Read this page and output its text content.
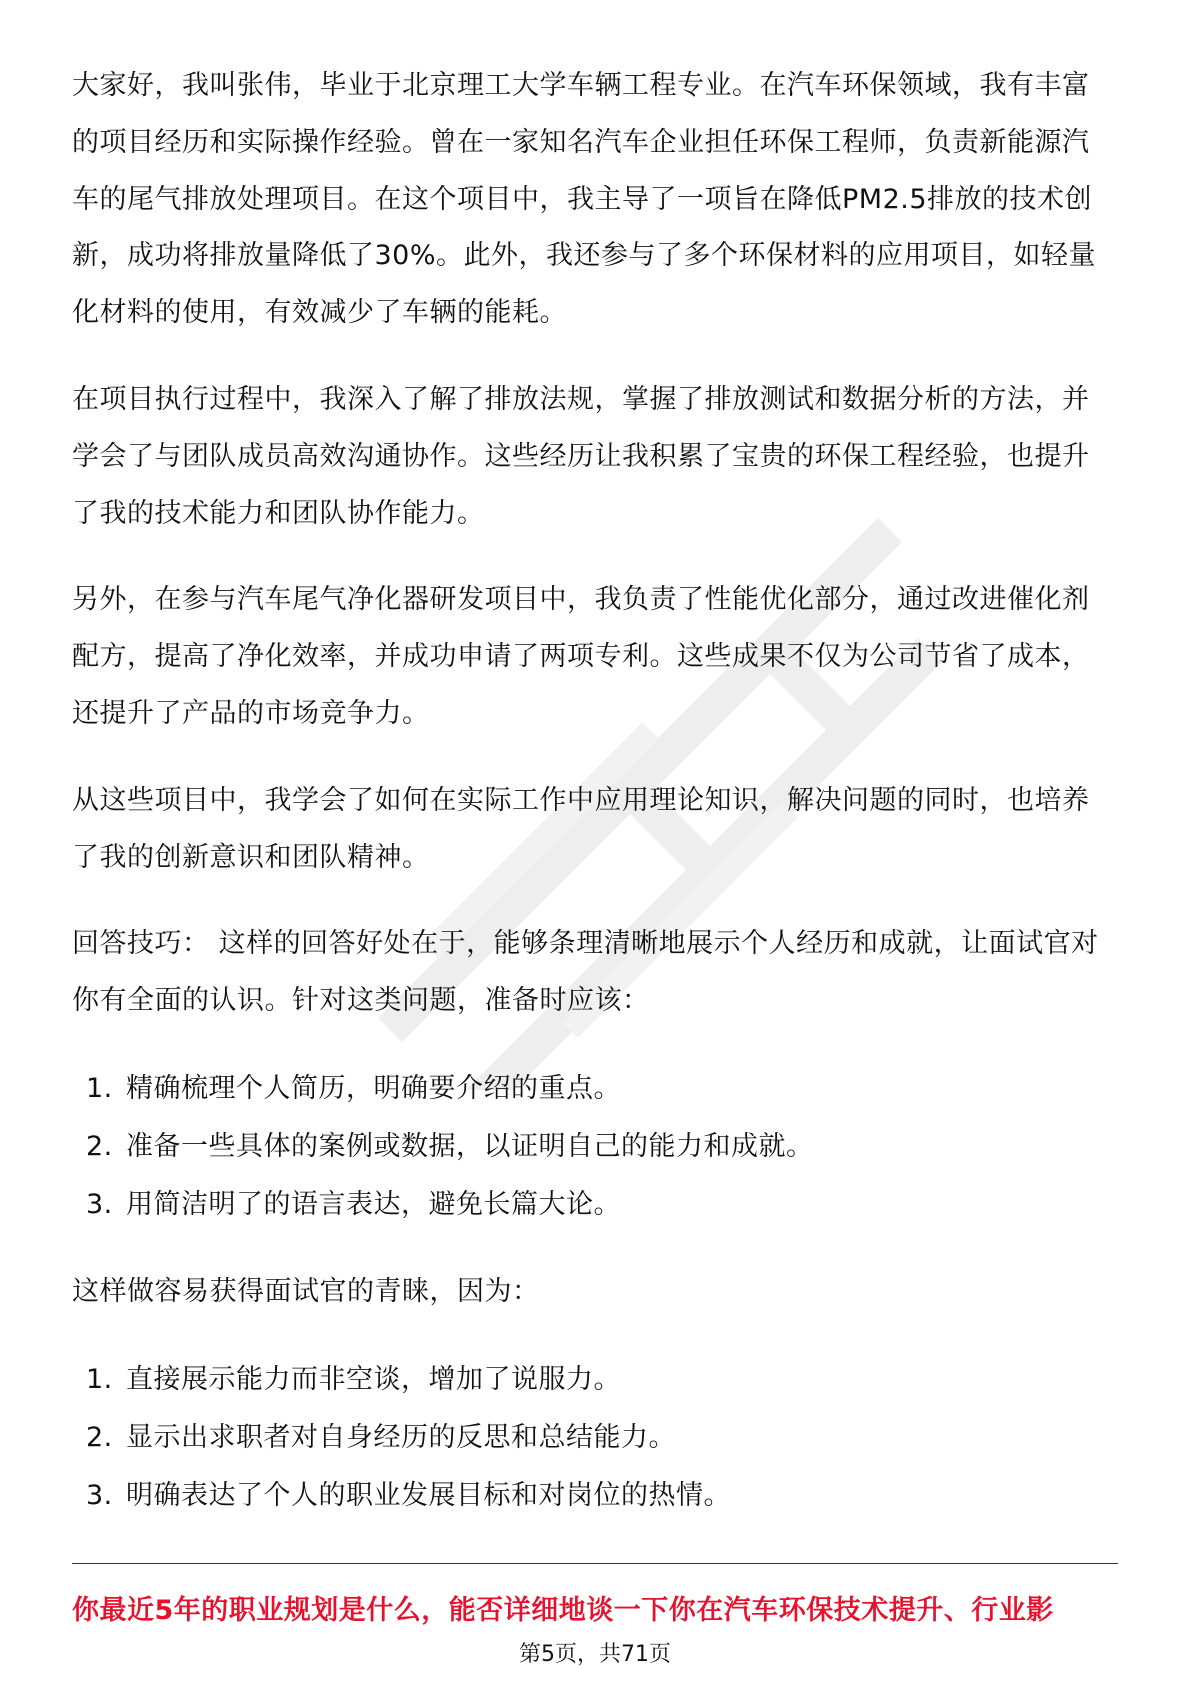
大家好，我叫张伟，毕业于北京理工大学车辆工程专业。在汽车环保领域，我有丰富的项目经历和实际操作经验。曾在一家知名汽车企业担任环保工程师，负责新能源汽车的尾气排放处理项目。在这个项目中，我主导了一项旨在降低PM2.5排放的技术创新，成功将排放量降低了30%。此外，我还参与了多个环保材料的应用项目，如轻量化材料的使用，有效减少了车辆的能耗。

在项目执行过程中，我深入了解了排放法规，掌握了排放测试和数据分析的方法，并学会了与团队成员高效沟通协作。这些经历让我积累了宝贵的环保工程经验，也提升了我的技术能力和团队协作能力。

另外，在参与汽车尾气净化器研发项目中，我负责了性能优化部分，通过改进催化剂配方，提高了净化效率，并成功申请了两项专利。这些成果不仅为公司节省了成本，还提升了产品的市场竞争力。

从这些项目中，我学会了如何在实际工作中应用理论知识，解决问题的同时，也培养了我的创新意识和团队精神。

回答技巧： 这样的回答好处在于，能够条理清晰地展示个人经历和成就，让面试官对你有全面的认识。针对这类问题，准备时应该：

1. 精确梳理个人简历，明确要介绍的重点。
2. 准备一些具体的案例或数据，以证明自己的能力和成就。
3. 用简洁明了的语言表达，避免长篇大论。

这样做容易获得面试官的青睐，因为：

1. 直接展示能力而非空谈，增加了说服力。
2. 显示出求职者对自身经历的反思和总结能力。
3. 明确表达了个人的职业发展目标和对岗位的热情。
你最近5年的职业规划是什么，能否详细地谈一下你在汽车环保技术提升、行业影
第5页，共71页
